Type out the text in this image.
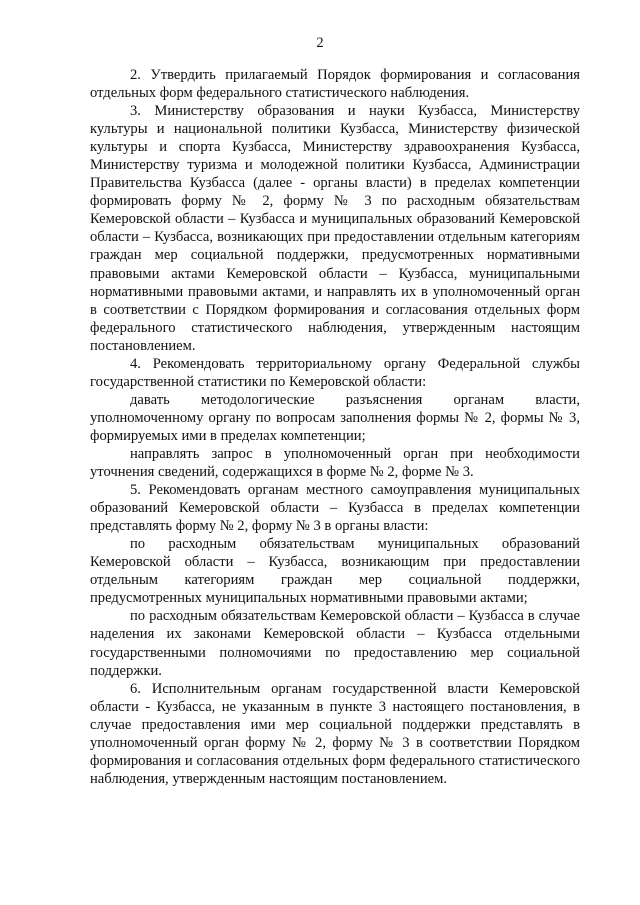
2

2. Утвердить прилагаемый Порядок формирования и согласования отдельных форм федерального статистического наблюдения.

3. Министерству образования и науки Кузбасса, Министерству культуры и национальной политики Кузбасса, Министерству физической культуры и спорта Кузбасса, Министерству здравоохранения Кузбасса, Министерству туризма и молодежной политики Кузбасса, Администрации Правительства Кузбасса (далее - органы власти) в пределах компетенции формировать форму № 2, форму № 3 по расходным обязательствам Кемеровской области – Кузбасса и муниципальных образований Кемеровской области – Кузбасса, возникающих при предоставлении отдельным категориям граждан мер социальной поддержки, предусмотренных нормативными правовыми актами Кемеровской области – Кузбасса, муниципальными нормативными правовыми актами, и направлять их в уполномоченный орган в соответствии с Порядком формирования и согласования отдельных форм федерального статистического наблюдения, утвержденным настоящим постановлением.

4. Рекомендовать территориальному органу Федеральной службы государственной статистики по Кемеровской области:

давать методологические разъяснения органам власти, уполномоченному органу по вопросам заполнения формы № 2, формы № 3, формируемых ими в пределах компетенции;

направлять запрос в уполномоченный орган при необходимости уточнения сведений, содержащихся в форме № 2, форме № 3.

5. Рекомендовать органам местного самоуправления муниципальных образований Кемеровской области – Кузбасса в пределах компетенции представлять форму № 2, форму № 3 в органы власти:

по расходным обязательствам муниципальных образований Кемеровской области – Кузбасса, возникающим при предоставлении отдельным категориям граждан мер социальной поддержки, предусмотренных муниципальных нормативными правовыми актами;

по расходным обязательствам Кемеровской области – Кузбасса в случае наделения их законами Кемеровской области – Кузбасса отдельными государственными полномочиями по предоставлению мер социальной поддержки.

6. Исполнительным органам государственной власти Кемеровской области - Кузбасса, не указанным в пункте 3 настоящего постановления, в случае предоставления ими мер социальной поддержки представлять в уполномоченный орган форму № 2, форму № 3 в соответствии Порядком формирования и согласования отдельных форм федерального статистического наблюдения, утвержденным настоящим постановлением.
